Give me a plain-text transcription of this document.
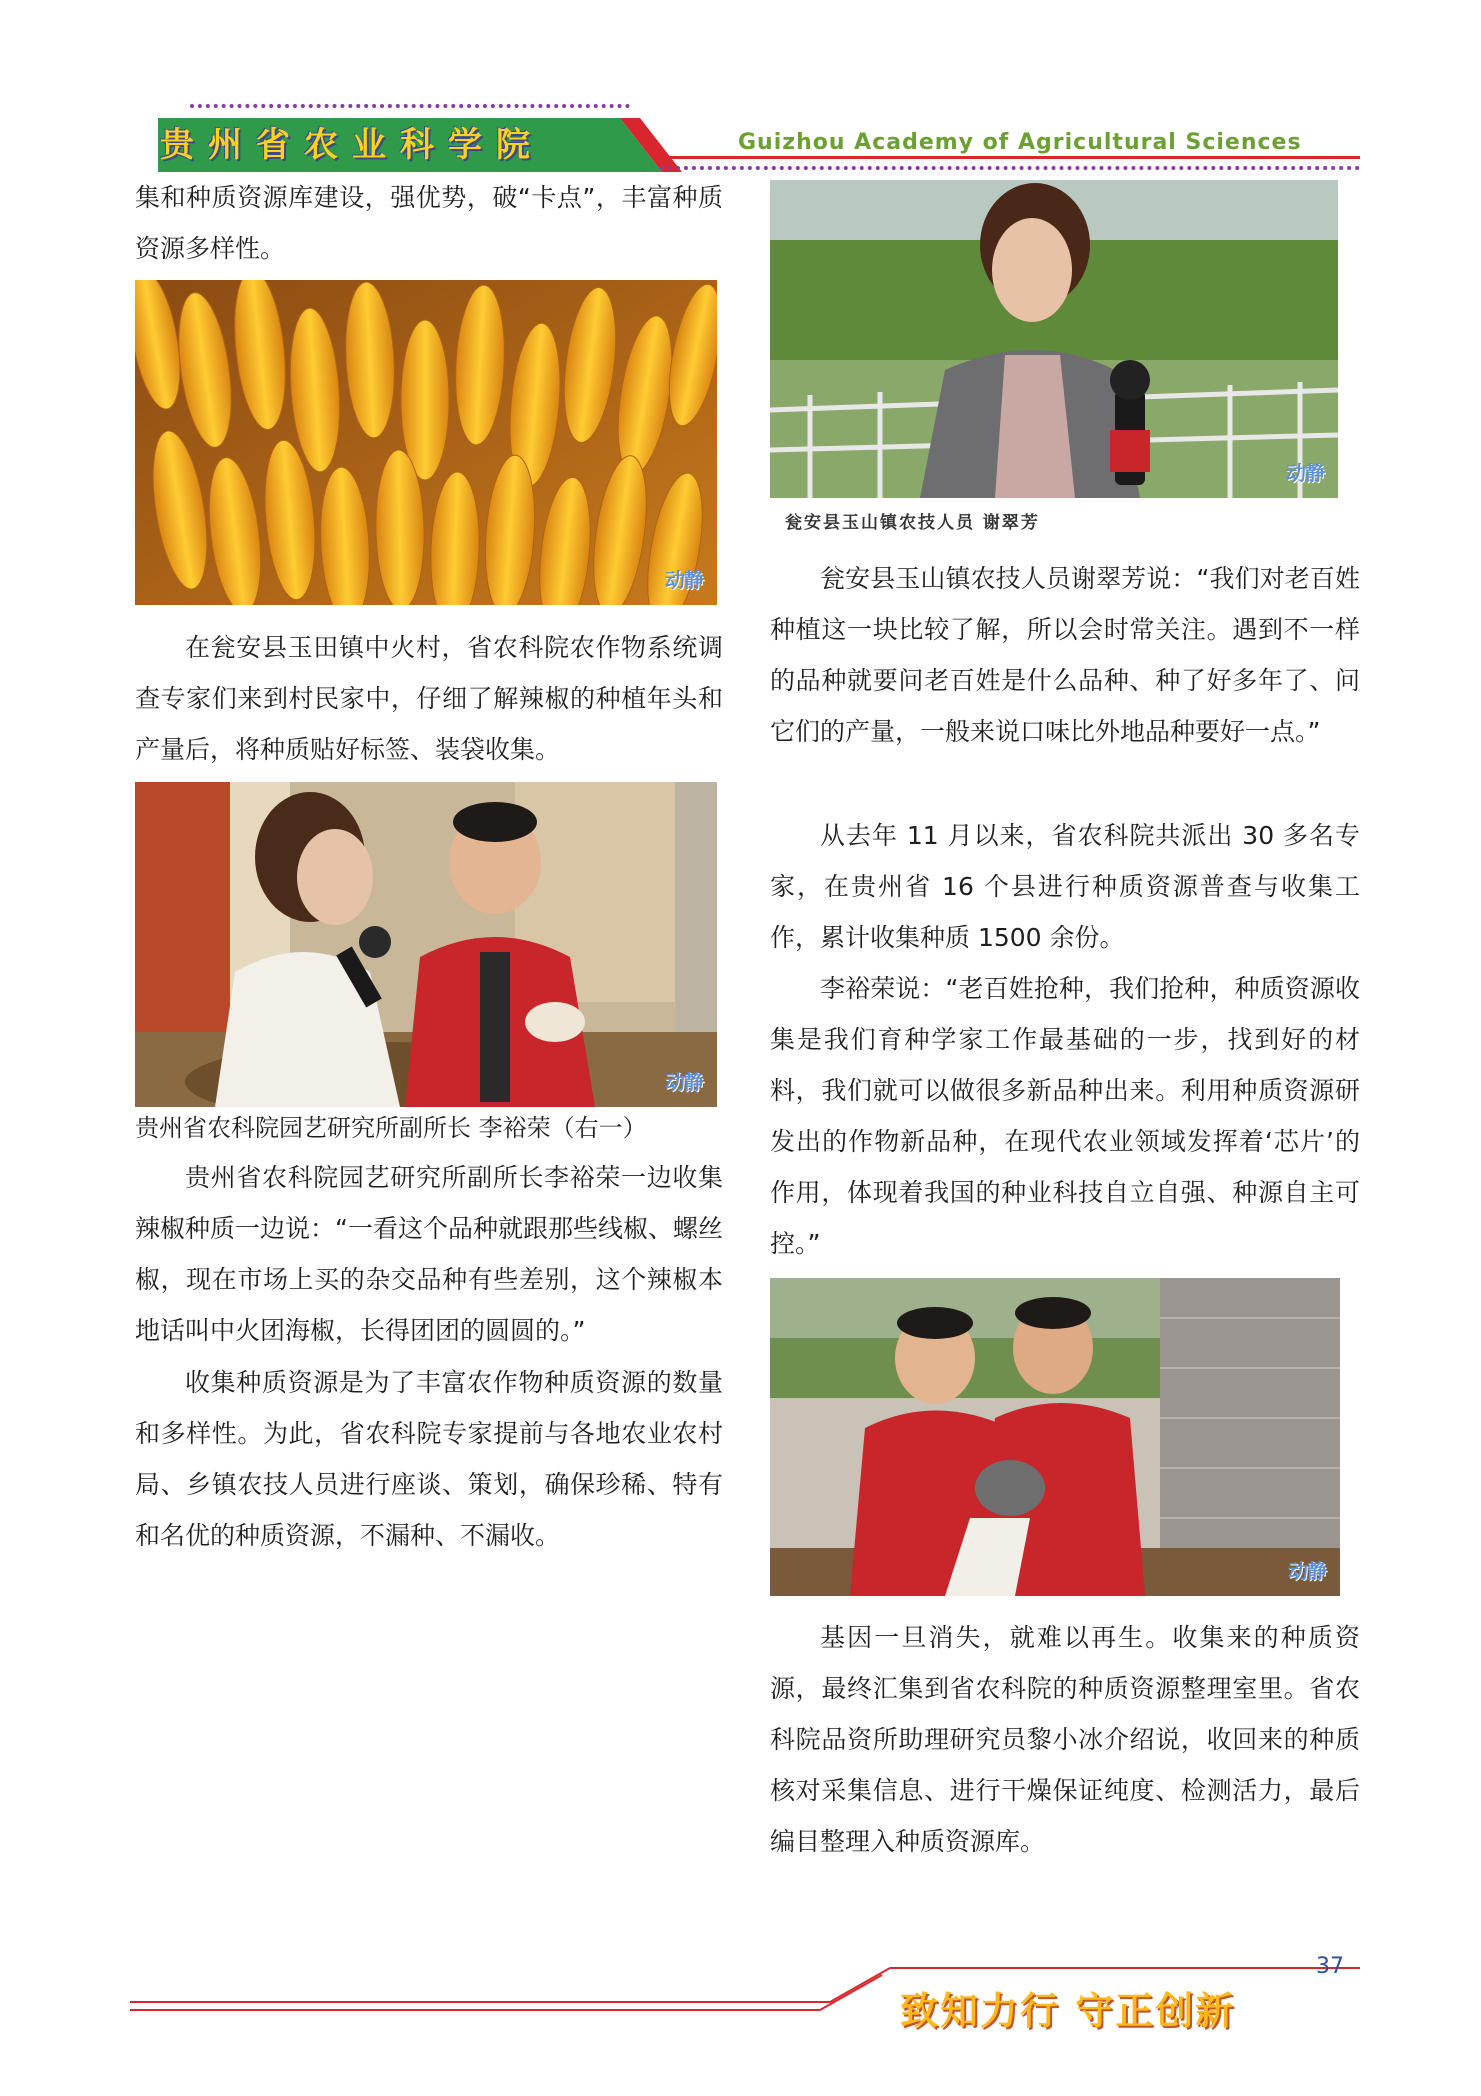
贵州省农业科学院	Guizhou Academy of Agricultural Sciences

集和种质资源库建设，强优势，破“卡点”，丰富种质资源多样性。

动静

在瓮安县玉田镇中火村，省农科院农作物系统调查专家们来到村民家中，仔细了解辣椒的种植年头和产量后，将种质贴好标签、装袋收集。

动静

贵州省农科院园艺研究所副所长 李裕荣（右一）

贵州省农科院园艺研究所副所长李裕荣一边收集辣椒种质一边说：“一看这个品种就跟那些线椒、螺丝椒，现在市场上买的杂交品种有些差别，这个辣椒本地话叫中火团海椒，长得团团的圆圆的。”

收集种质资源是为了丰富农作物种质资源的数量和多样性。为此，省农科院专家提前与各地农业农村局、乡镇农技人员进行座谈、策划，确保珍稀、特有和名优的种质资源，不漏种、不漏收。

动静

瓮安县玉山镇农技人员 谢翠芳

瓮安县玉山镇农技人员谢翠芳说：“我们对老百姓种植这一块比较了解，所以会时常关注。遇到不一样的品种就要问老百姓是什么品种、种了好多年了、问它们的产量，一般来说口味比外地品种要好一点。”

从去年 11 月以来，省农科院共派出 30 多名专家，在贵州省 16 个县进行种质资源普查与收集工作，累计收集种质 1500 余份。

李裕荣说：“老百姓抢种，我们抢种，种质资源收集是我们育种学家工作最基础的一步，找到好的材料，我们就可以做很多新品种出来。利用种质资源研发出的作物新品种，在现代农业领域发挥着‘芯片’的作用，体现着我国的种业科技自立自强、种源自主可控。”

动静

基因一旦消失，就难以再生。收集来的种质资源，最终汇集到省农科院的种质资源整理室里。省农科院品资所助理研究员黎小冰介绍说，收回来的种质核对采集信息、进行干燥保证纯度、检测活力，最后编目整理入种质资源库。

37
致知力行 守正创新
